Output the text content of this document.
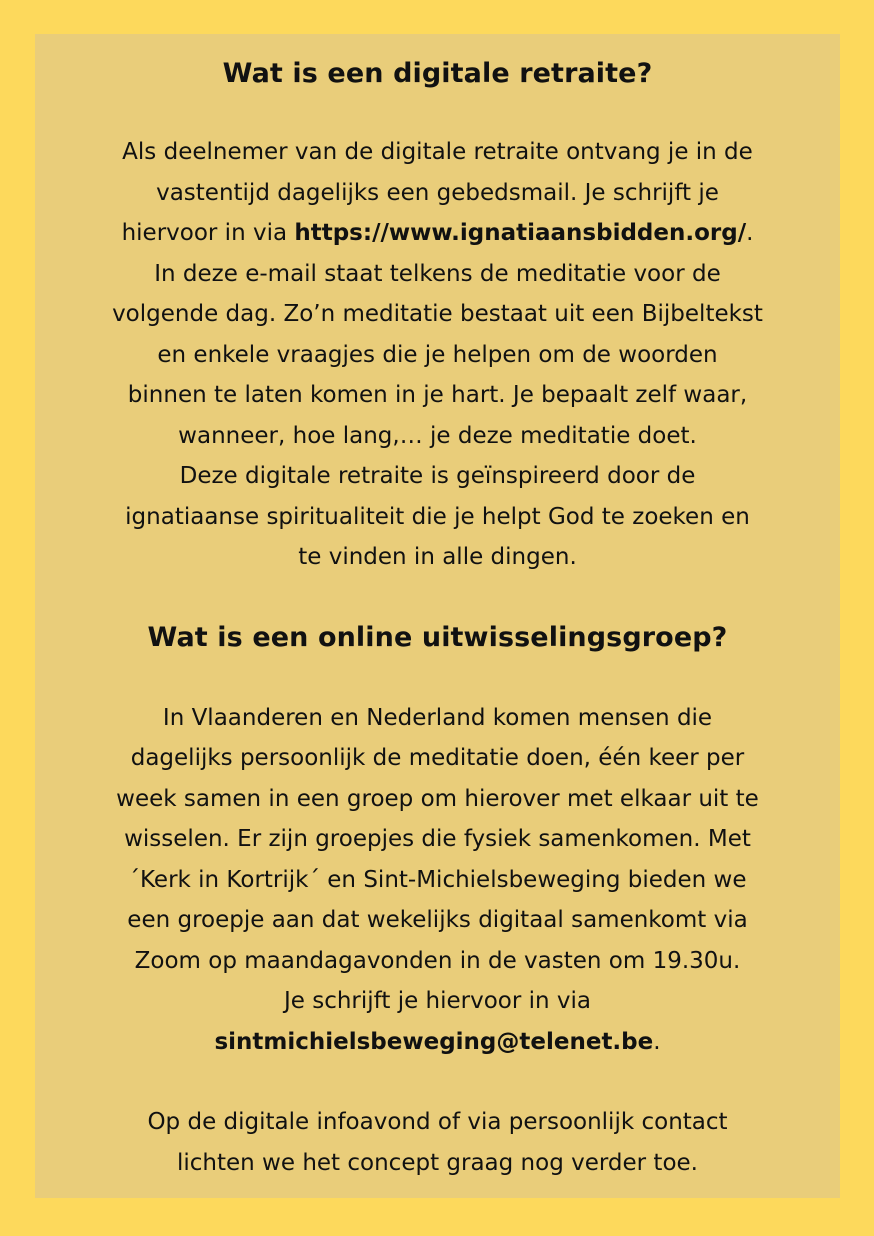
Wat is een digitale retraite?

Als deelnemer van de digitale retraite ontvang je in de
vastentijd dagelijks een gebedsmail. Je schrijft je
hiervoor in via https://www.ignatiaansbidden.org/.
In deze e-mail staat telkens de meditatie voor de
volgende dag. Zo’n meditatie bestaat uit een Bijbeltekst
en enkele vraagjes die je helpen om de woorden
binnen te laten komen in je hart. Je bepaalt zelf waar,
wanneer, hoe lang,… je deze meditatie doet.
Deze digitale retraite is geïnspireerd door de
ignatiaanse spiritualiteit die je helpt God te zoeken en
te vinden in alle dingen.

Wat is een online uitwisselingsgroep?

In Vlaanderen en Nederland komen mensen die
dagelijks persoonlijk de meditatie doen, één keer per
week samen in een groep om hierover met elkaar uit te
wisselen. Er zijn groepjes die fysiek samenkomen. Met
´Kerk in Kortrijk´ en Sint-Michielsbeweging bieden we
een groepje aan dat wekelijks digitaal samenkomt via
Zoom op maandagavonden in de vasten om 19.30u.
Je schrijft je hiervoor in via
sintmichielsbeweging@telenet.be.

Op de digitale infoavond of via persoonlijk contact
lichten we het concept graag nog verder toe.
